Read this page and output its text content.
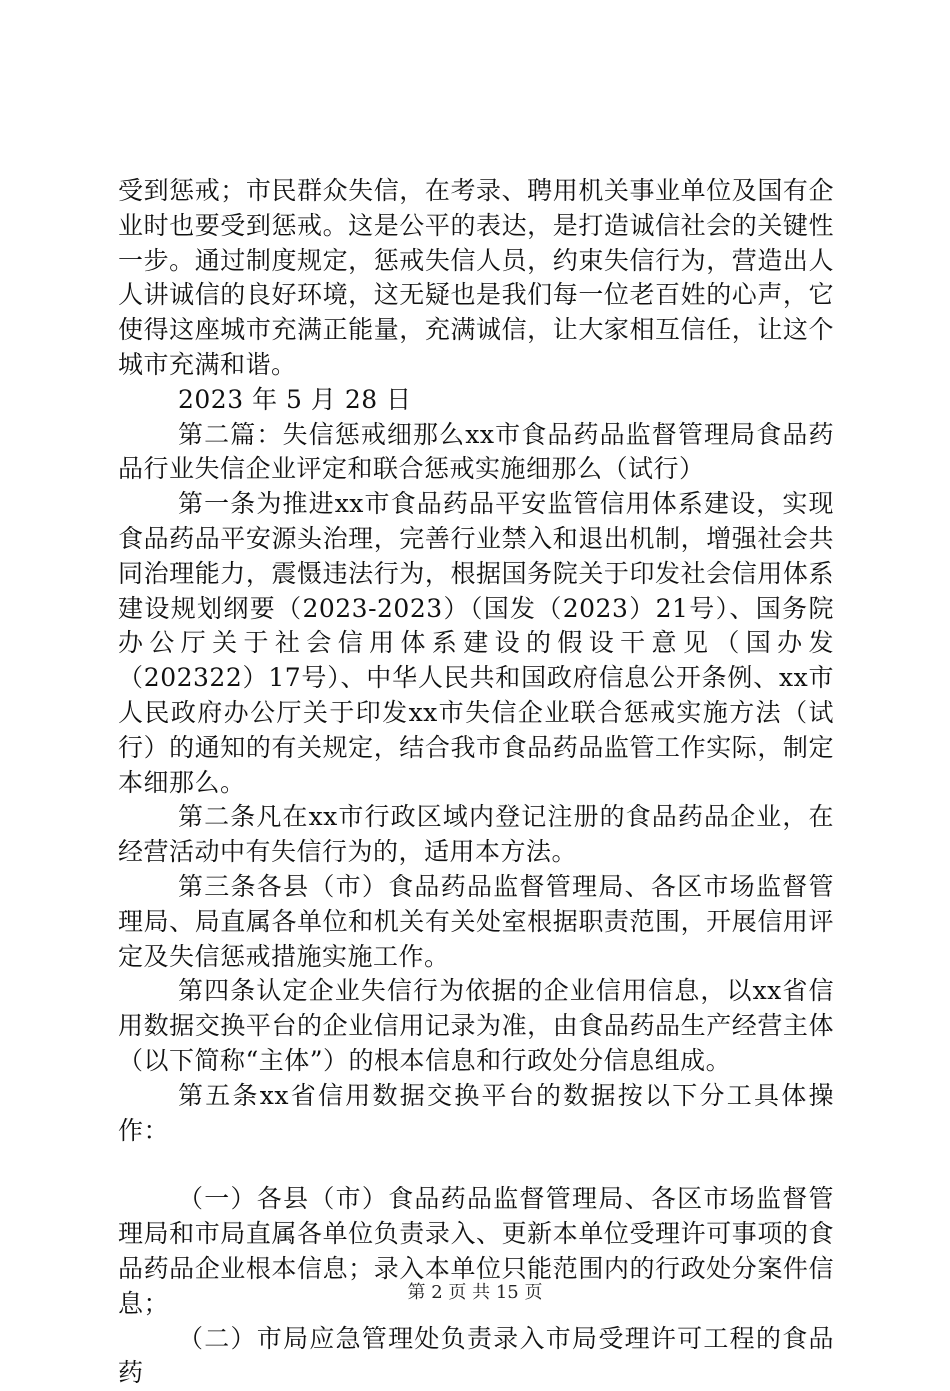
受到惩戒；市民群众失信，在考录、聘用机关事业单位及国有企业时也要受到惩戒。这是公平的表达，是打造诚信社会的关键性一步。通过制度规定，惩戒失信人员，约束失信行为，营造出人人讲诚信的良好环境，这无疑也是我们每一位老百姓的心声，它使得这座城市充满正能量，充满诚信，让大家相互信任，让这个城市充满和谐。

2023 年 5 月 28 日

第二篇：失信惩戒细那么xx市食品药品监督管理局食品药品行业失信企业评定和联合惩戒实施细那么（试行）

第一条为推进xx市食品药品平安监管信用体系建设，实现食品药品平安源头治理，完善行业禁入和退出机制，增强社会共同治理能力，震慑违法行为，根据国务院关于印发社会信用体系建设规划纲要（2023-2023）（国发（2023）21号）、国务院办公厅关于社会信用体系建设的假设干意见（国办发（202322）17号）、中华人民共和国政府信息公开条例、xx市人民政府办公厅关于印发xx市失信企业联合惩戒实施方法（试行）的通知的有关规定，结合我市食品药品监管工作实际，制定本细那么。

第二条凡在xx市行政区域内登记注册的食品药品企业，在经营活动中有失信行为的，适用本方法。

第三条各县（市）食品药品监督管理局、各区市场监督管理局、局直属各单位和机关有关处室根据职责范围，开展信用评定及失信惩戒措施实施工作。

第四条认定企业失信行为依据的企业信用信息，以xx省信用数据交换平台的企业信用记录为准，由食品药品生产经营主体（以下简称“主体”）的根本信息和行政处分信息组成。

第五条xx省信用数据交换平台的数据按以下分工具体操作：

（一）各县（市）食品药品监督管理局、各区市场监督管理局和市局直属各单位负责录入、更新本单位受理许可事项的食品药品企业根本信息；录入本单位只能范围内的行政处分案件信息；

（二）市局应急管理处负责录入市局受理许可工程的食品药

第 2 页 共 15 页
